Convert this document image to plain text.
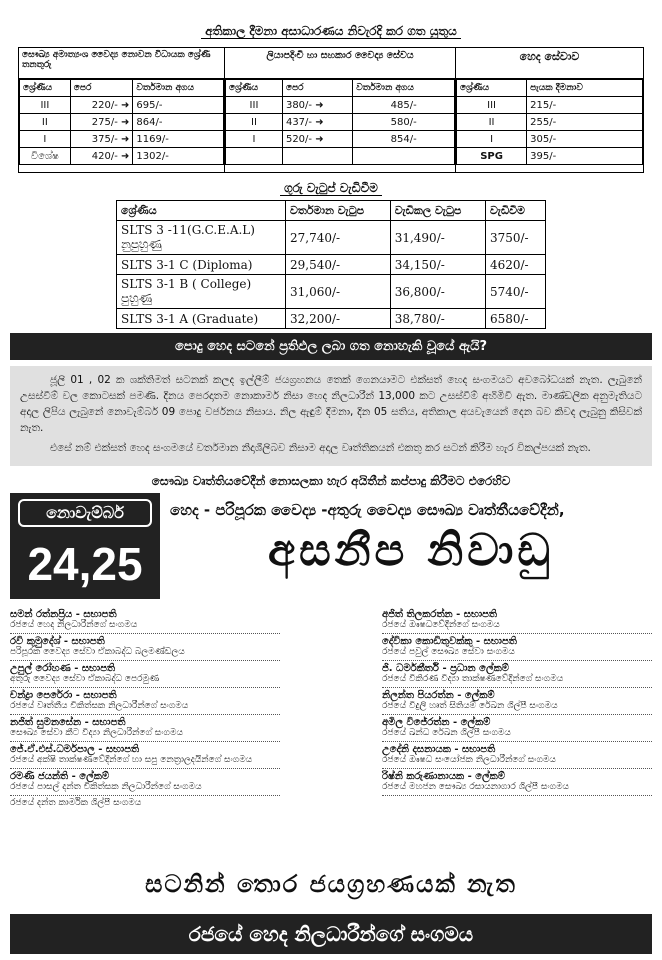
අතිකාල දීමනා අසාධාරණය නිවැරදි කර ගත යුතුය
සෞඛ්‍ය අමාත්‍යංශ වෛද්‍ය නොවන විධායක ශ්‍රේණි තනතුරු
ශ්‍රේණිය	පෙර	වර්තමාන අගය
III	220/- ➜	695/-
II	275/- ➜	864/-
I	375/- ➜	1169/-
විශේෂ	420/- ➜	1302/-
ලියාපදිංචි හා සහකාර වෛද්‍ය සේවය
ශ්‍රේණිය	පෙර	වර්තමාන අගය
III	380/- ➜	485/-
II	437/- ➜	580/-
I	520/- ➜	854/-

හෙද සේවාව
ශ්‍රේණිය	පැයක දීමනාව
III	215/-
II	255/-
I	305/-
SPG	395/-
ගුරු වැටුප් වැඩිවීම
ශ්‍රේණිය	වර්තමාන වැටුප	වැඩිකල වැටුප	වැඩිවීම
SLTS 3 -11(G.C.E.A.L) නුපුහුණු	27,740/-	31,490/-	3750/-
SLTS 3-1 C (Diploma)	29,540/-	34,150/-	4620/-
SLTS 3-1 B ( College) පුහුණු	31,060/-	36,800/-	5740/-
SLTS 3-1 A (Graduate)	32,200/-	38,780/-	6580/-
පොදු හෙද සටනේ ප්‍රතිඵල ලබා ගත නොහැකි වූයේ ඇයි?

ජූලි 01 , 02 ක ශක්තිමත් සටනක් කලද ඉල්ලීම් ජයග්‍රහනය තෙක් ගෙනයාමට එක්සත් හෙද සංගමයට අවබෝධයක් නැත. ලැබුනේ උසස්වීම් වල කොටසක් පමණි. දිනය පෙරදාතම නොකාර්ම නිසා හෙද නිලධාරීන් 13,000 කට උසස්වීම් අහිමිවී ඇත. මාණ්ඩලික අනුමැතියට අදාල ලිපිය ලැබුනේ නොවැම්බර් 09 පොදු වර්ජනය නිසාය. නිල ඇඳුම් දීමනා, දින 05 සතිය, අතිකාල අයවැයෙන් දෙන බව කිවද ලැබුනු කිසිවක් නැත.

එසේ නම් එක්සත් හෙද සංගමයේ වර්තමාන නිදාශීලිබව නිසාම අදාල වෘත්තිකයන් එකතු කර සටන් කිරීම හැර විකල්පයක් නැත.

සෞඛ්‍ය වෘත්තියවේදීන් නොසලකා හැර අයිතීන් කප්පාදු කිරීමට එරෙහිව
නොවැම්බර්
24,25
හෙද - පරිපූරක වෛද්‍ය -අතුරු වෛද්‍ය සෞඛ්‍ය වෘත්තීයවේදීන්,
අසනීප නිවාඩු
සමන් රත්නප්‍රිය - සභාපති
රජයේ හෙද නිලධාරීන්ගේ සංගමය
රවි කුමුදේශ් - සභාපති
පරිපූරක වෛද්‍ය සේවා ඒකාබද්ධ බලමණ්ඩලය
උපුල් රෝහණ - සභාපති
අතුරු වෛද්‍ය සේවා ඒකාබද්ධ පෙරමුණ
චන්ද්‍රා පෙරේරා - සභාපති
රජයේ වෘත්තීය චිකිත්සක නිලධාරීන්ගේ සංගමය
නජිත් සුමනසේන - සභාපති
සෞඛ්‍ය සේවා කීට විද්‍යා නිලධාරීන්ගේ සංගමය
ජේ.ඒ.එස්.ධර්මපාල - සභාපති
රජයේ අක්ෂි තාක්ෂණවේදීන්ගේ හා සපු නෙත්‍රාලදයින්ගේ සංගමය
රමණි ජයන්ති - ලේකම්
රජයේ පාසල් දන්ත චිකිත්සක නිලධාරීන්ගේ සංගමය
රජයේ දන්ත කාර්මික ශිල්පී සංගමය
අජිත් තිලකරත්න - සභාපති
රජයේ ඖෂධවේදීන්ගේ සංගමය
දේවිකා කොඩිතුවක්කු - සභාපති
රජයේ පවුල් සෞඛ්‍ය සේවා සංගමය
ජි. ධර්මකීර්ති - ප්‍රධාන ලේකම්
රජයේ විකිරණ විද්‍යා තාක්ෂණවේදීන්ගේ සංගමය
නිලන්ත පියරත්න - ලේකම්
රජයේ විදුලි හෘත් සිතියම් රේඛන ශිල්පී සංගමය
අමිල විජේරත්න - ලේකම්
රජයේ ඛන්ධ රේඛන ශිල්පී සංගමය
උදේනි දසනායක - සභාපති
රජයේ ඖෂධ සංයෝජක නිලධාරීන්ගේ සංගමය
රිෂ්නි කරුණානායක - ලේකම්
රජයේ මහජන සෞඛ්‍ය රසායනාගාර ශිල්පී සංගමය
සටනින් තොර ජයග්‍රහණයක් නැත
රජයේ හෙද නිලධාරීන්ගේ සංගමය
